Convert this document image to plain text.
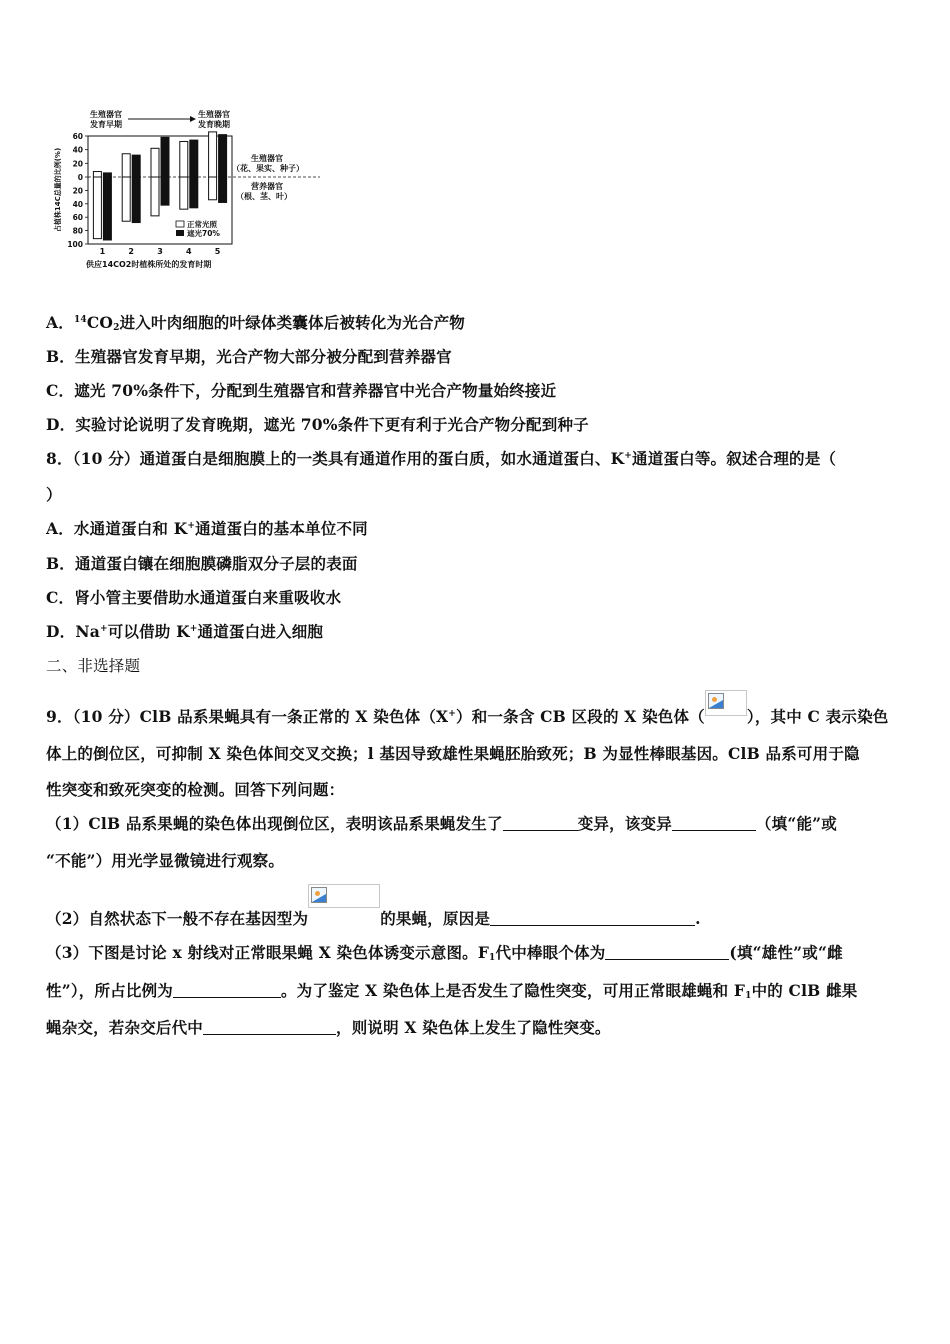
生殖器官
发育早期
生殖器官
发育晚期
占植株14C总量的比例(%)
60
40
20
0
20
40
60
80
100
1	2	3	4	5
正常光照
遮光70%
生殖器官
（花、果实、种子）
营养器官
（根、茎、叶）
供应14CO2时植株所处的发育时期
A．$^{14}CO_2$进入叶肉细胞的叶绿体类囊体后被转化为光合产物
B．生殖器官发育早期，光合产物大部分被分配到营养器官
C．遮光 70%条件下，分配到生殖器官和营养器官中光合产物量始终接近
D．实验讨论说明了发育晚期，遮光 70%条件下更有利于光合产物分配到种子
8．（10 分）通道蛋白是细胞膜上的一类具有通道作用的蛋白质，如水通道蛋白、K+通道蛋白等。叙述合理的是（
）
A．水通道蛋白和 K+通道蛋白的基本单位不同
B．通道蛋白镶在细胞膜磷脂双分子层的表面
C．肾小管主要借助水通道蛋白来重吸收水
D．Na+可以借助 K+通道蛋白进入细胞
二、非选择题
9．（10 分）ClB 品系果蝇具有一条正常的 X 染色体（X+）和一条含 CB 区段的 X 染色体（	），其中 C 表示染色
体上的倒位区，可抑制 X 染色体间交叉交换；l 基因导致雄性果蝇胚胎致死；B 为显性棒眼基因。ClB 品系可用于隐
性突变和致死突变的检测。回答下列问题：
（1）ClB 品系果蝇的染色体出现倒位区，表明该品系果蝇发生了	变异，该变异	（填“能”或
“不能”）用光学显微镜进行观察。
（2）自然状态下一般不存在基因型为	的果蝇，原因是	.
（3）下图是讨论 x 射线对正常眼果蝇 X 染色体诱变示意图。$F_1$代中棒眼个体为	(填“雄性”或“雌
性”），所占比例为	。为了鉴定 X 染色体上是否发生了隐性突变，可用正常眼雄蝇和 $F_1$中的 ClB 雌果
蝇杂交，若杂交后代中	，则说明 X 染色体上发生了隐性突变。
